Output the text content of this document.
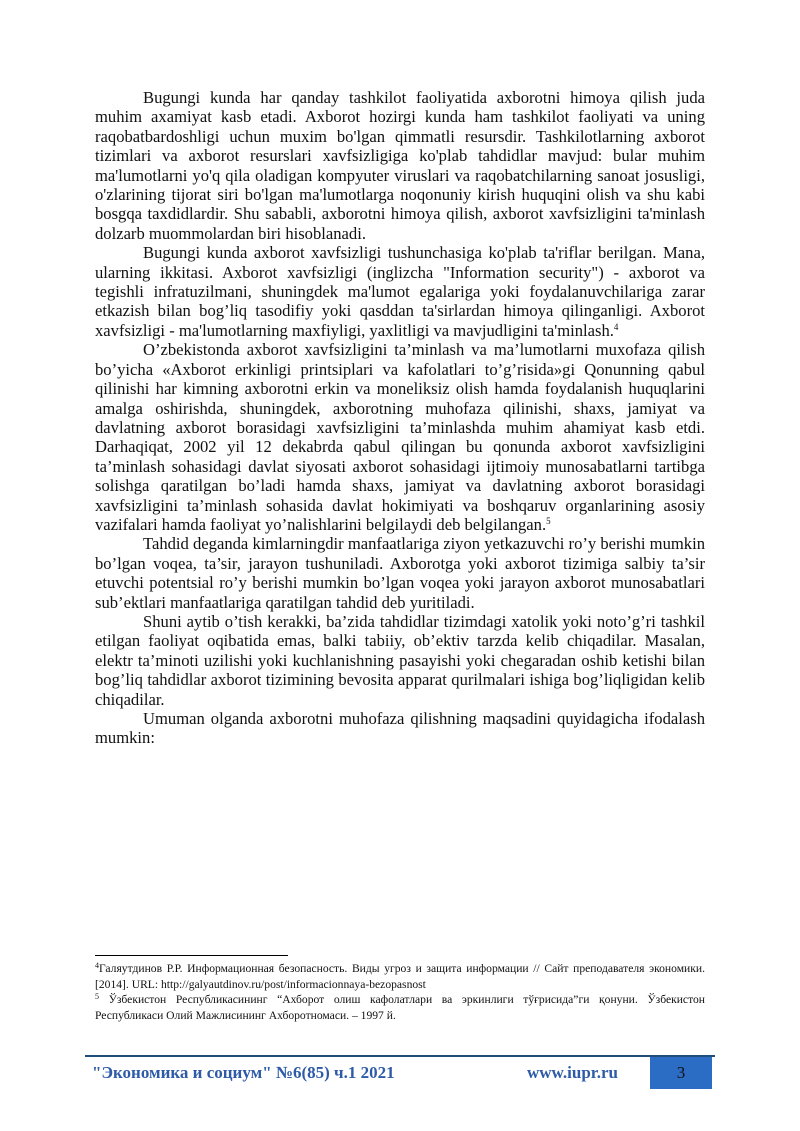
Bugungi kunda har qanday tashkilot faoliyatida axborotni himoya qilish juda muhim axamiyat kasb etadi. Axborot hozirgi kunda ham tashkilot faoliyati va uning raqobatbardoshligi uchun muxim bo'lgan qimmatli resursdir. Tashkilotlarning axborot tizimlari va axborot resurslari xavfsizligiga ko'plab tahdidlar mavjud: bular muhim ma'lumotlarni yo'q qila oladigan kompyuter viruslari va raqobatchilarning sanoat josusligi, o'zlarining tijorat siri bo'lgan ma'lumotlarga noqonuniy kirish huquqini olish va shu kabi bosgqa taxdidlardir. Shu sababli, axborotni himoya qilish, axborot xavfsizligini ta'minlash dolzarb muommolardan biri hisoblanadi.

Bugungi kunda axborot xavfsizligi tushunchasiga ko'plab ta'riflar berilgan. Mana, ularning ikkitasi. Axborot xavfsizligi (inglizcha "Information security") - axborot va tegishli infratuzilmani, shuningdek ma'lumot egalariga yoki foydalanuvchilariga zarar etkazish bilan bog’liq tasodifiy yoki qasddan ta'sirlardan himoya qilinganligi. Axborot xavfsizligi - ma'lumotlarning maxfiyligi, yaxlitligi va mavjudligini ta'minlash.$^4$

O’zbekistonda axborot xavfsizligini ta’minlash va ma’lumotlarni muxofaza qilish bo’yicha «Axborot erkinligi printsiplari va kafolatlari to’g’risida»gi Qonunning qabul qilinishi har kimning axborotni erkin va moneliksiz olish hamda foydalanish huquqlarini amalga oshirishda, shuningdek, axborotning muhofaza qilinishi, shaxs, jamiyat va davlatning axborot borasidagi xavfsizligini ta’minlashda muhim ahamiyat kasb etdi. Darhaqiqat, 2002 yil 12 dekabrda qabul qilingan bu qonunda axborot xavfsizligini ta’minlash sohasidagi davlat siyosati axborot sohasidagi ijtimoiy munosabatlarni tartibga solishga qaratilgan bo’ladi hamda shaxs, jamiyat va davlatning axborot borasidagi xavfsizligini ta’minlash sohasida davlat hokimiyati va boshqaruv organlarining asosiy vazifalari hamda faoliyat yo’nalishlarini belgilaydi deb belgilangan.$^5$

Tahdid deganda kimlarningdir manfaatlariga ziyon yetkazuvchi ro’y berishi mumkin bo’lgan voqea, ta’sir, jarayon tushuniladi. Axborotga yoki axborot tizimiga salbiy ta’sir etuvchi potentsial ro’y berishi mumkin bo’lgan voqea yoki jarayon axborot munosabatlari sub’ektlari manfaatlariga qaratilgan tahdid deb yuritiladi.

Shuni aytib o’tish kerakki, ba’zida tahdidlar tizimdagi xatolik yoki noto’g’ri tashkil etilgan faoliyat oqibatida emas, balki tabiiy, ob’ektiv tarzda kelib chiqadilar. Masalan, elektr ta’minoti uzilishi yoki kuchlanishning pasayishi yoki chegaradan oshib ketishi bilan bog’liq tahdidlar axborot tizimining bevosita apparat qurilmalari ishiga bog’liqligidan kelib chiqadilar.

Umuman olganda axborotni muhofaza qilishning maqsadini quyidagicha ifodalash mumkin:

$^4$Галяутдинов Р.Р. Информационная безопасность. Виды угроз и защита информации // Сайт преподавателя экономики. [2014]. URL: http://galyautdinov.ru/post/informacionnaya-bezopasnost

$^5$ Ўзбекистон Республикасининг “Ахборот олиш кафолатлари ва эркинлиги тўғрисида”ги қонуни. Ўзбекистон Республикаси Олий Мажлисининг Ахборотномаси. – 1997 й.

"Экономика и социум" №6(85) ч.1 2021	www.iupr.ru	3
